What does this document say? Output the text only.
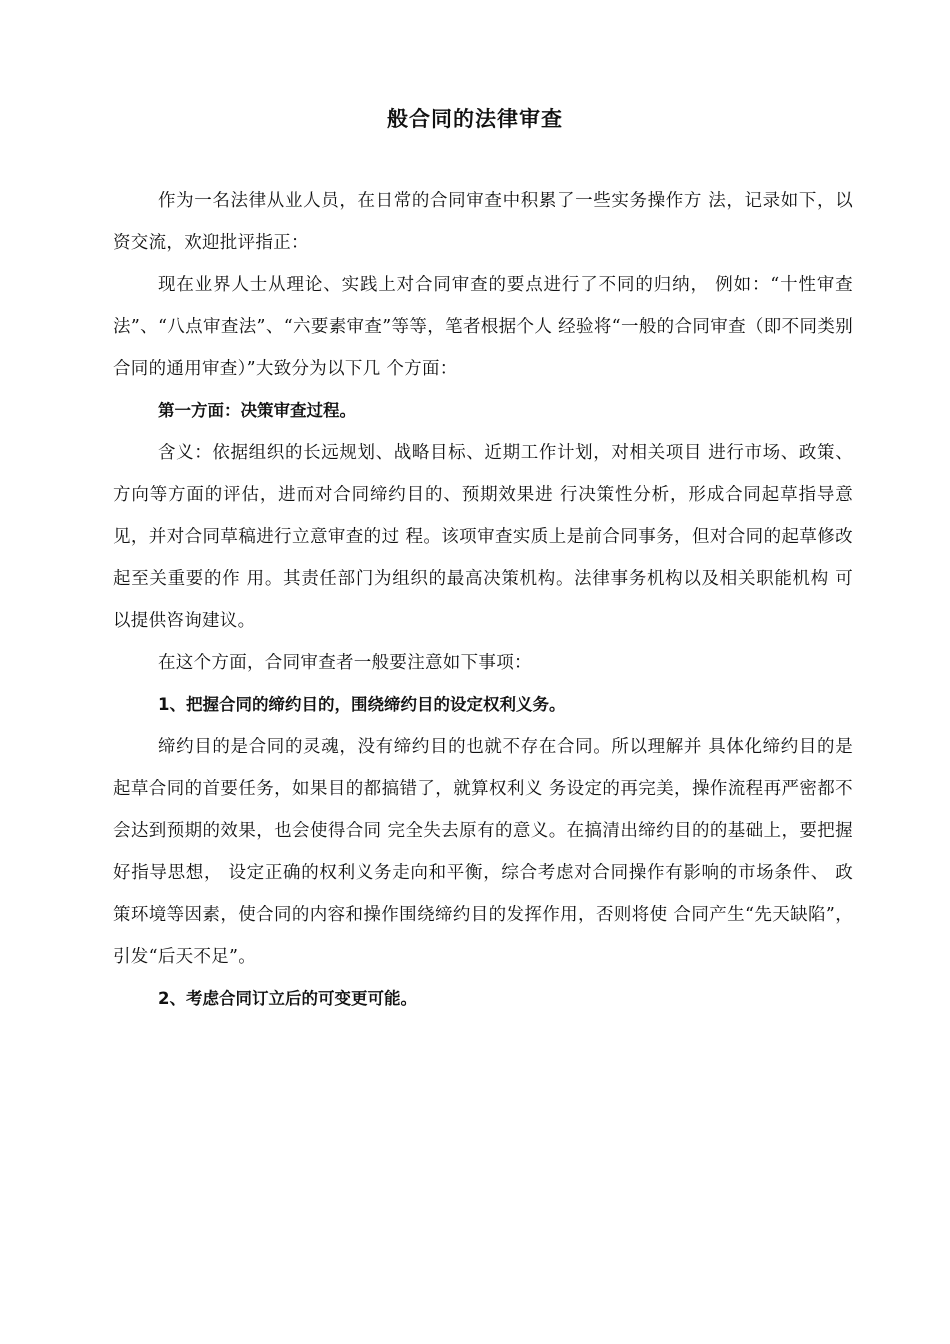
般合同的法律审查

作为一名法律从业人员，在日常的合同审查中积累了一些实务操作方 法，记录如下，以资交流，欢迎批评指正：

现在业界人士从理论、实践上对合同审查的要点进行了不同的归纳， 例如：“十性审查法”、“八点审查法”、“六要素审查”等等，笔者根据个人 经验将“一般的合同审查（即不同类别合同的通用审查）”大致分为以下几 个方面：

第一方面：决策审查过程。

含义：依据组织的长远规划、战略目标、近期工作计划，对相关项目 进行市场、政策、方向等方面的评估，进而对合同缔约目的、预期效果进 行决策性分析，形成合同起草指导意见，并对合同草稿进行立意审查的过 程。该项审查实质上是前合同事务，但对合同的起草修改起至关重要的作 用。其责任部门为组织的最高决策机构。法律事务机构以及相关职能机构 可以提供咨询建议。

在这个方面，合同审查者一般要注意如下事项：

1、把握合同的缔约目的，围绕缔约目的设定权利义务。

缔约目的是合同的灵魂，没有缔约目的也就不存在合同。所以理解并 具体化缔约目的是起草合同的首要任务，如果目的都搞错了，就算权利义 务设定的再完美，操作流程再严密都不会达到预期的效果，也会使得合同 完全失去原有的意义。在搞清出缔约目的的基础上，要把握好指导思想， 设定正确的权利义务走向和平衡，综合考虑对合同操作有影响的市场条件、 政策环境等因素，使合同的内容和操作围绕缔约目的发挥作用，否则将使 合同产生“先天缺陷”，引发“后天不足”。

2、考虑合同订立后的可变更可能。
